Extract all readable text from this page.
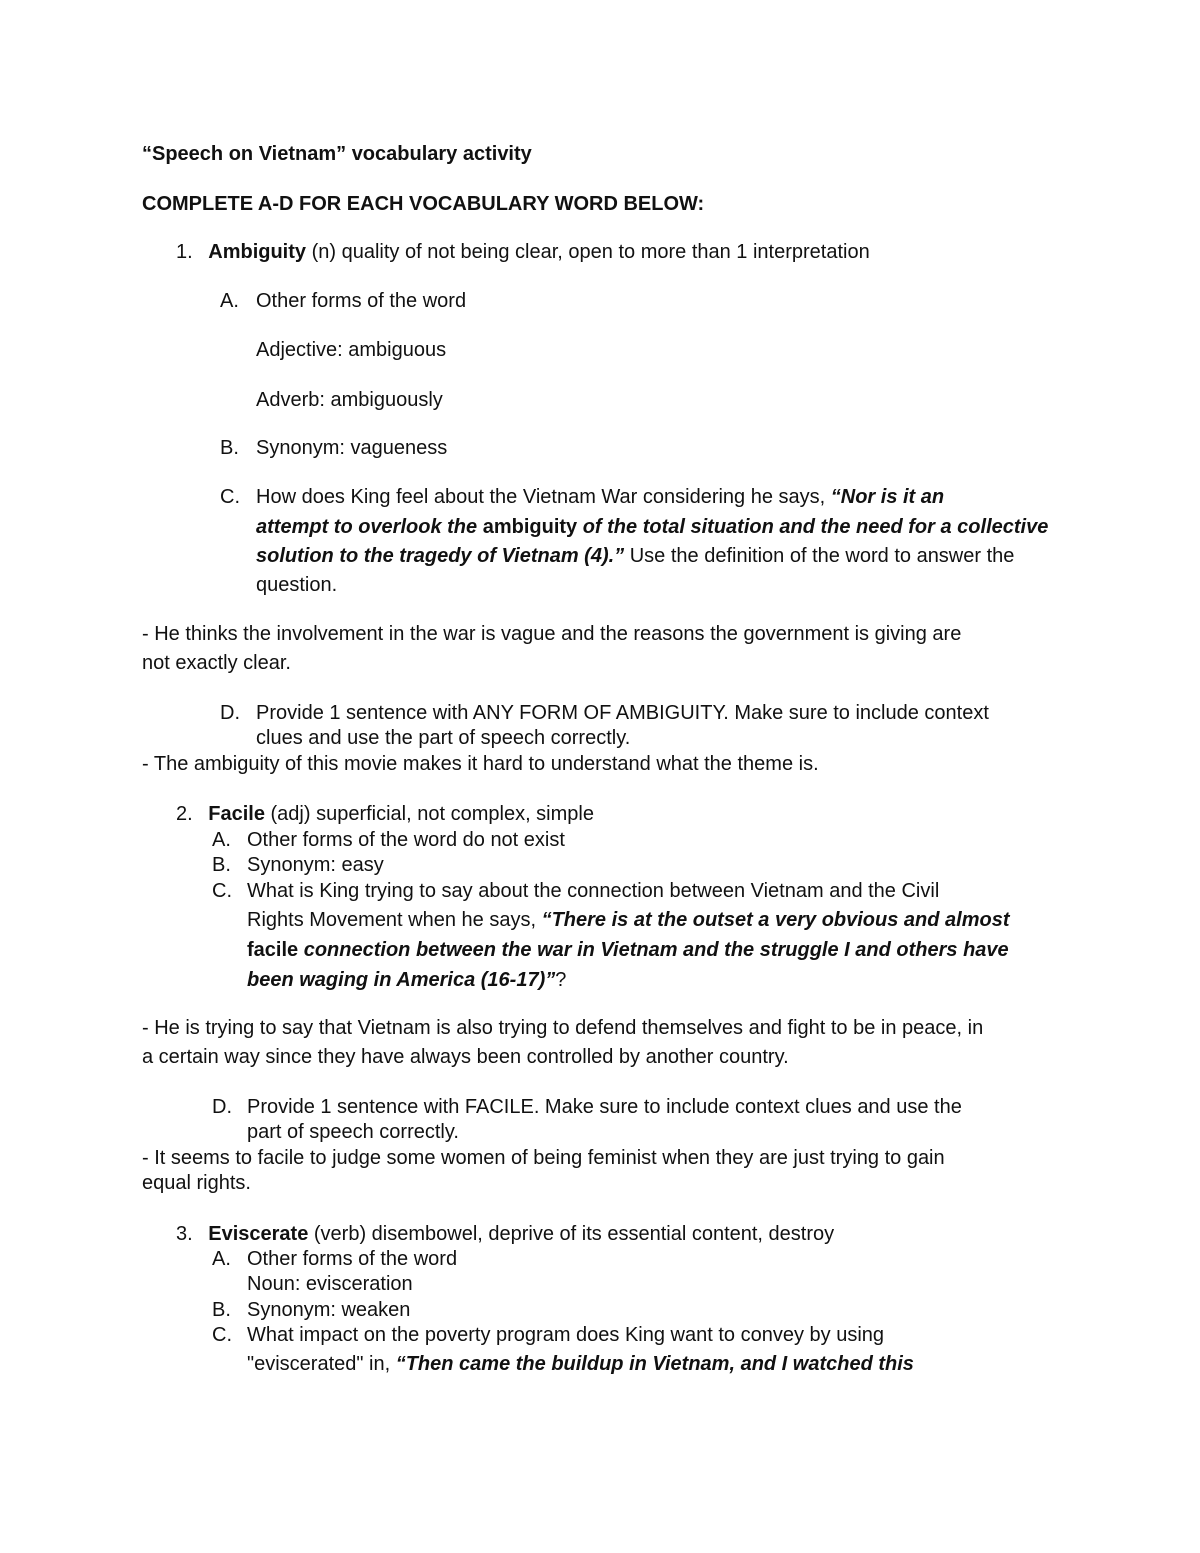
“Speech on Vietnam” vocabulary activity
COMPLETE A-D FOR EACH VOCABULARY WORD BELOW:
1. Ambiguity (n) quality of not being clear, open to more than 1 interpretation
A. Other forms of the word
Adjective: ambiguous
Adverb: ambiguously
B. Synonym: vagueness
C. How does King feel about the Vietnam War considering he says, “Nor is it an
attempt to overlook the ambiguity of the total situation and the need for a collective
solution to the tragedy of Vietnam (4).” Use the definition of the word to answer the
question.
- He thinks the involvement in the war is vague and the reasons the government is giving are
not exactly clear.
D. Provide 1 sentence with ANY FORM OF AMBIGUITY. Make sure to include context
clues and use the part of speech correctly.
- The ambiguity of this movie makes it hard to understand what the theme is.
2. Facile (adj) superficial, not complex, simple
A. Other forms of the word do not exist
B. Synonym: easy
C. What is King trying to say about the connection between Vietnam and the Civil
Rights Movement when he says, “There is at the outset a very obvious and almost
facile connection between the war in Vietnam and the struggle I and others have
been waging in America (16-17)”?
- He is trying to say that Vietnam is also trying to defend themselves and fight to be in peace, in
a certain way since they have always been controlled by another country.
D. Provide 1 sentence with FACILE. Make sure to include context clues and use the
part of speech correctly.
- It seems to facile to judge some women of being feminist when they are just trying to gain
equal rights.
3. Eviscerate (verb) disembowel, deprive of its essential content, destroy
A. Other forms of the word
Noun: evisceration
B. Synonym: weaken
C. What impact on the poverty program does King want to convey by using
"eviscerated" in, “Then came the buildup in Vietnam, and I watched this
